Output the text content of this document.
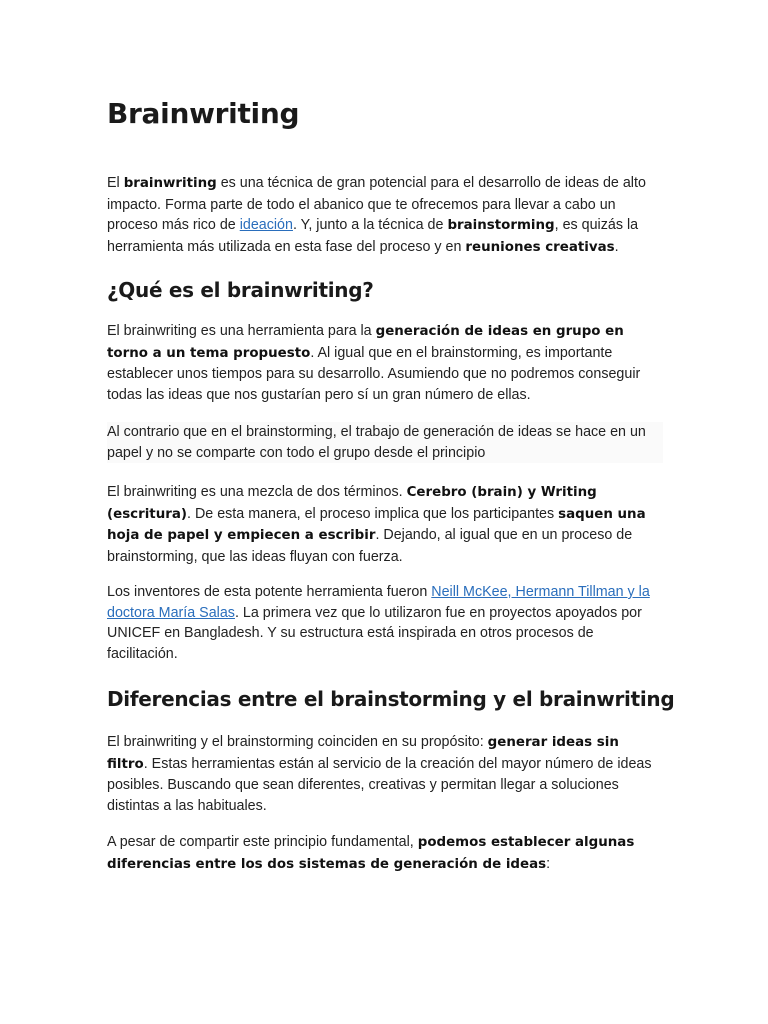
Brainwriting

El brainwriting es una técnica de gran potencial para el desarrollo de ideas de alto impacto. Forma parte de todo el abanico que te ofrecemos para llevar a cabo un proceso más rico de ideación. Y, junto a la técnica de brainstorming, es quizás la herramienta más utilizada en esta fase del proceso y en reuniones creativas.

¿Qué es el brainwriting?

El brainwriting es una herramienta para la generación de ideas en grupo en torno a un tema propuesto. Al igual que en el brainstorming, es importante establecer unos tiempos para su desarrollo. Asumiendo que no podremos conseguir todas las ideas que nos gustarían pero sí un gran número de ellas.

Al contrario que en el brainstorming, el trabajo de generación de ideas se hace en un papel y no se comparte con todo el grupo desde el principio

El brainwriting es una mezcla de dos términos. Cerebro (brain) y Writing (escritura). De esta manera, el proceso implica que los participantes saquen una hoja de papel y empiecen a escribir. Dejando, al igual que en un proceso de brainstorming, que las ideas fluyan con fuerza.

Los inventores de esta potente herramienta fueron Neill McKee, Hermann Tillman y la doctora María Salas. La primera vez que lo utilizaron fue en proyectos apoyados por UNICEF en Bangladesh. Y su estructura está inspirada en otros procesos de facilitación.

Diferencias entre el brainstorming y el brainwriting

El brainwriting y el brainstorming coinciden en su propósito: generar ideas sin filtro. Estas herramientas están al servicio de la creación del mayor número de ideas posibles. Buscando que sean diferentes, creativas y permitan llegar a soluciones distintas a las habituales.

A pesar de compartir este principio fundamental, podemos establecer algunas diferencias entre los dos sistemas de generación de ideas:
